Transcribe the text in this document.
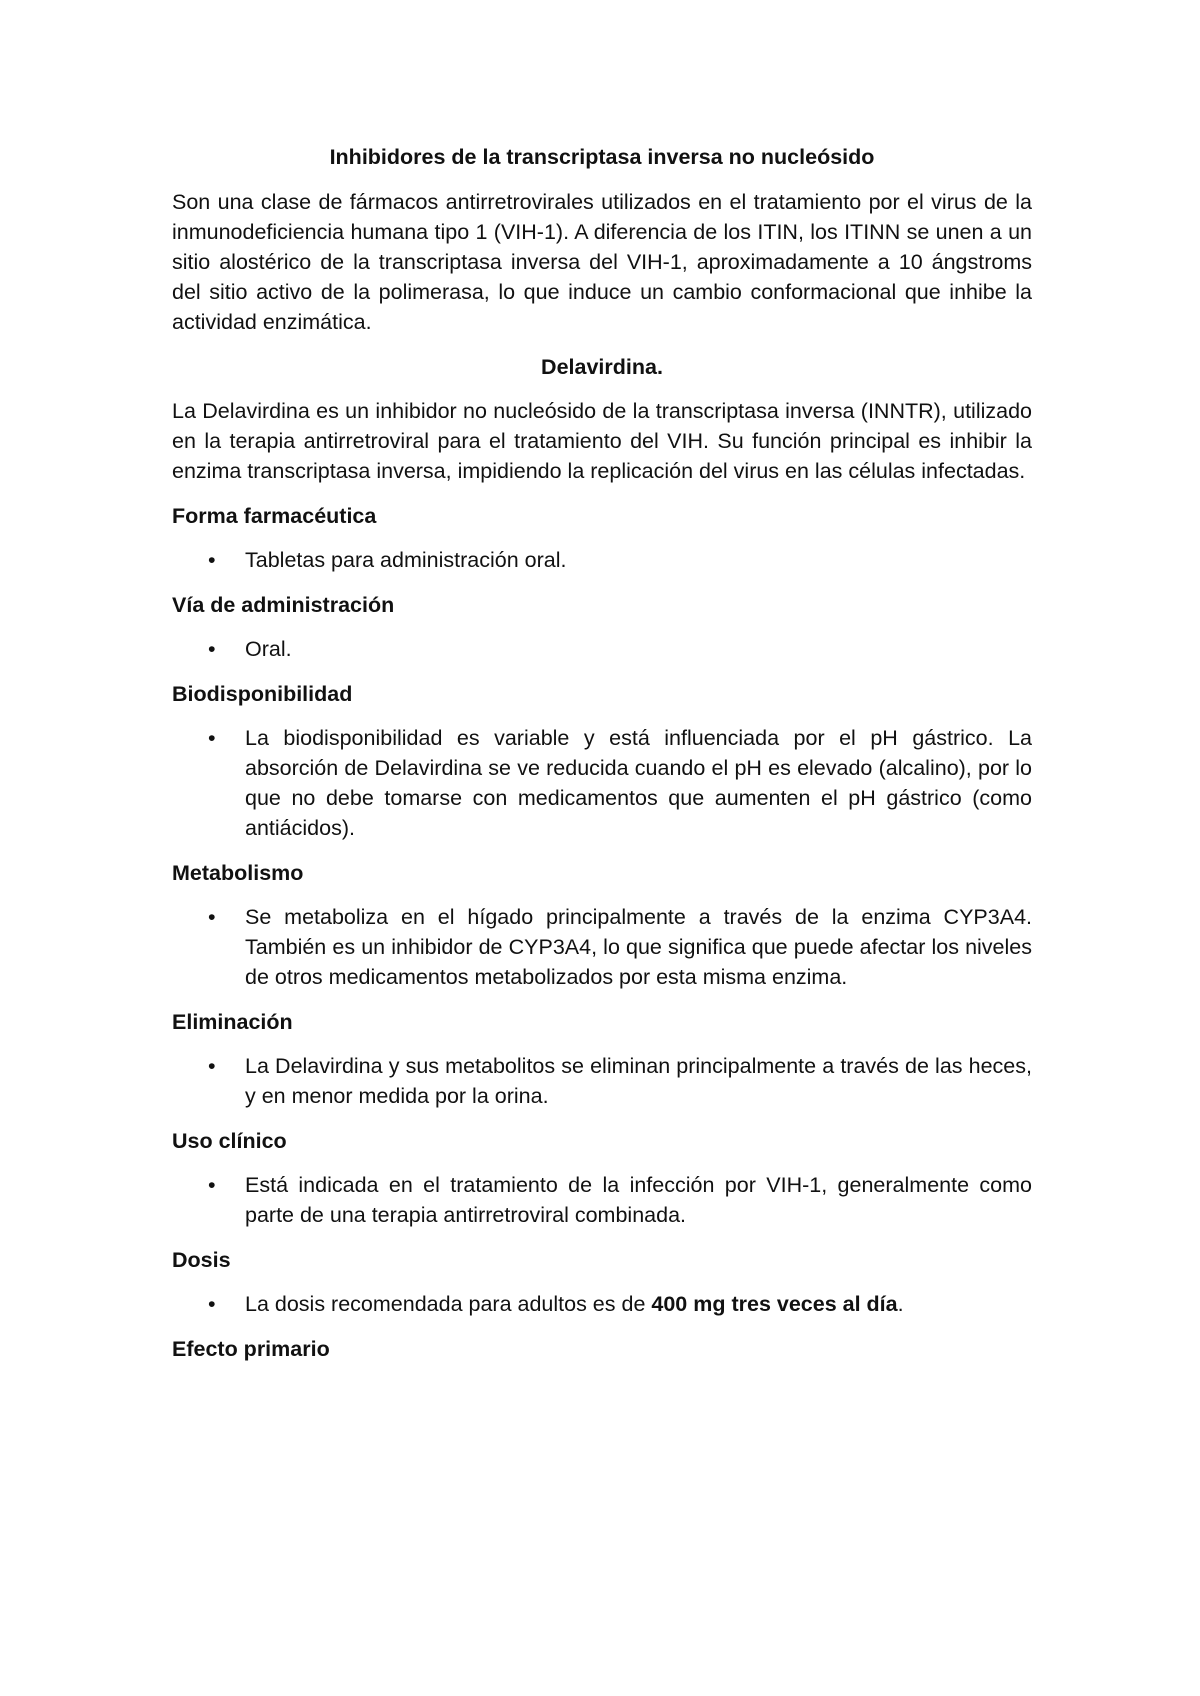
Inhibidores de la transcriptasa inversa no nucleósido

Son una clase de fármacos antirretrovirales utilizados en el tratamiento por el virus de la inmunodeficiencia humana tipo 1 (VIH-1). A diferencia de los ITIN, los ITINN se unen a un sitio alostérico de la transcriptasa inversa del VIH-1, aproximadamente a 10 ángstroms del sitio activo de la polimerasa, lo que induce un cambio conformacional que inhibe la actividad enzimática.

Delavirdina.

La Delavirdina es un inhibidor no nucleósido de la transcriptasa inversa (INNTR), utilizado en la terapia antirretroviral para el tratamiento del VIH. Su función principal es inhibir la enzima transcriptasa inversa, impidiendo la replicación del virus en las células infectadas.

Forma farmacéutica
• Tabletas para administración oral.
Vía de administración
• Oral.
Biodisponibilidad
• La biodisponibilidad es variable y está influenciada por el pH gástrico. La absorción de Delavirdina se ve reducida cuando el pH es elevado (alcalino), por lo que no debe tomarse con medicamentos que aumenten el pH gástrico (como antiácidos).
Metabolismo
• Se metaboliza en el hígado principalmente a través de la enzima CYP3A4. También es un inhibidor de CYP3A4, lo que significa que puede afectar los niveles de otros medicamentos metabolizados por esta misma enzima.
Eliminación
• La Delavirdina y sus metabolitos se eliminan principalmente a través de las heces, y en menor medida por la orina.
Uso clínico
• Está indicada en el tratamiento de la infección por VIH-1, generalmente como parte de una terapia antirretroviral combinada.
Dosis
• La dosis recomendada para adultos es de 400 mg tres veces al día.
Efecto primario
